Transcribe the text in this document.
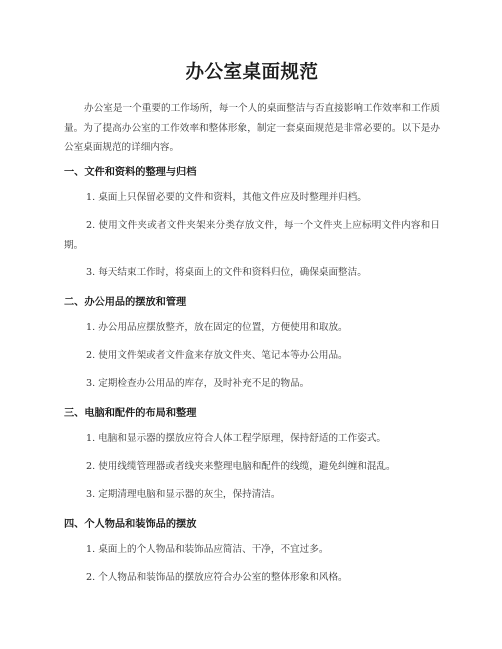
办公室桌面规范

办公室是一个重要的工作场所，每一个人的桌面整洁与否直接影响工作效率和工作质量。为了提高办公室的工作效率和整体形象，制定一套桌面规范是非常必要的。以下是办公室桌面规范的详细内容。

一、文件和资料的整理与归档

1. 桌面上只保留必要的文件和资料，其他文件应及时整理并归档。

2. 使用文件夹或者文件夹架来分类存放文件，每一个文件夹上应标明文件内容和日期。

3. 每天结束工作时，将桌面上的文件和资料归位，确保桌面整洁。

二、办公用品的摆放和管理

1. 办公用品应摆放整齐，放在固定的位置，方便使用和取放。

2. 使用文件架或者文件盒来存放文件夹、笔记本等办公用品。

3. 定期检查办公用品的库存，及时补充不足的物品。

三、电脑和配件的布局和整理

1. 电脑和显示器的摆放应符合人体工程学原理，保持舒适的工作姿式。

2. 使用线缆管理器或者线夹来整理电脑和配件的线缆，避免纠缠和混乱。

3. 定期清理电脑和显示器的灰尘，保持清洁。

四、个人物品和装饰品的摆放

1. 桌面上的个人物品和装饰品应简洁、干净，不宜过多。

2. 个人物品和装饰品的摆放应符合办公室的整体形象和风格。
